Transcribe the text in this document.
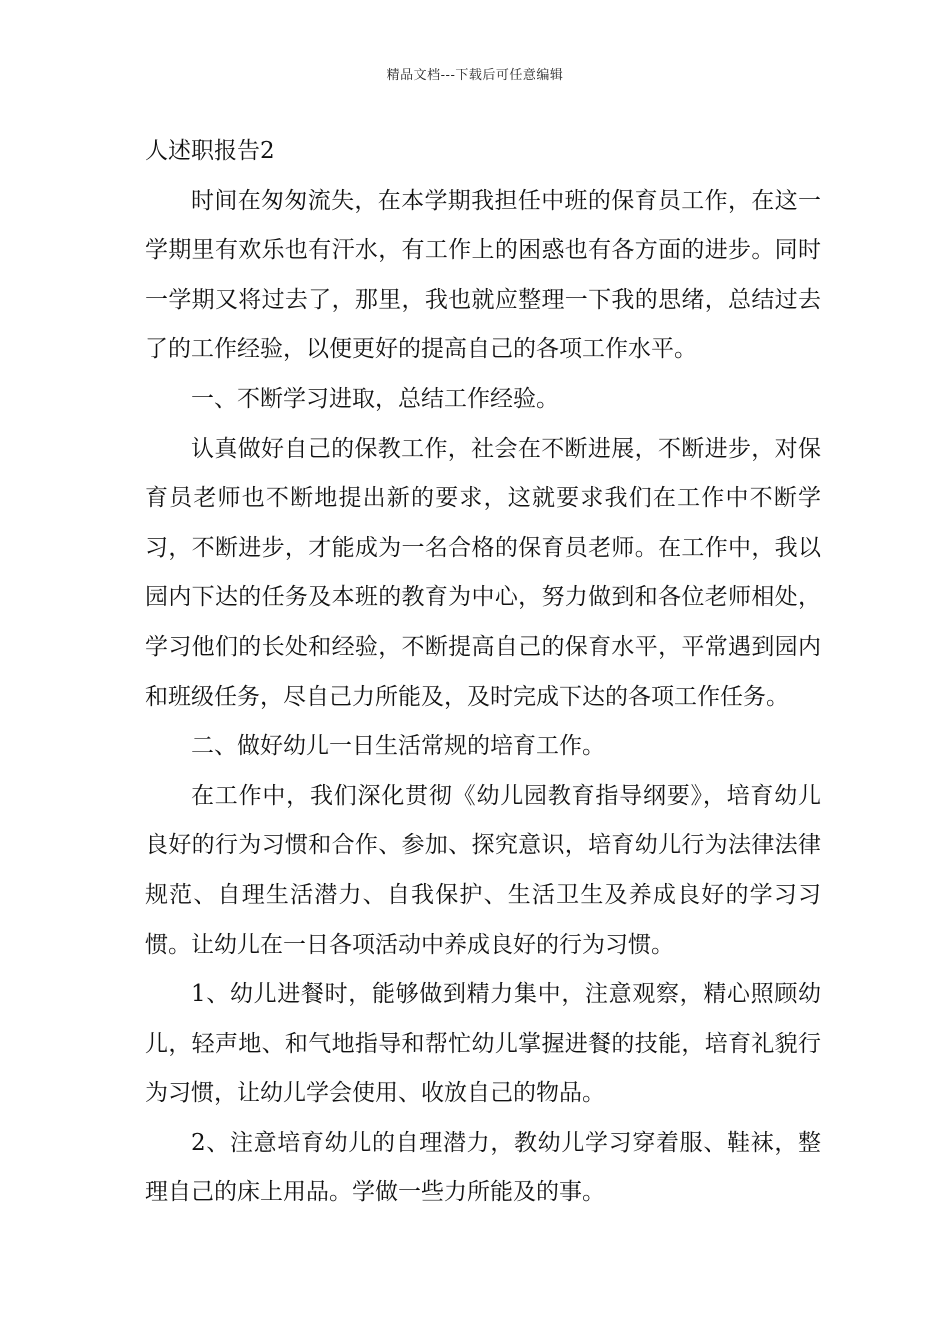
精品文档---下载后可任意编辑

人述职报告2

时间在匆匆流失，在本学期我担任中班的保育员工作，在这一学期里有欢乐也有汗水，有工作上的困惑也有各方面的进步。同时一学期又将过去了，那里，我也就应整理一下我的思绪，总结过去了的工作经验，以便更好的提高自己的各项工作水平。

一、不断学习进取，总结工作经验。

认真做好自己的保教工作，社会在不断进展，不断进步，对保育员老师也不断地提出新的要求，这就要求我们在工作中不断学习，不断进步，才能成为一名合格的保育员老师。在工作中，我以园内下达的任务及本班的教育为中心，努力做到和各位老师相处，学习他们的长处和经验，不断提高自己的保育水平，平常遇到园内和班级任务，尽自己力所能及，及时完成下达的各项工作任务。

二、做好幼儿一日生活常规的培育工作。

在工作中，我们深化贯彻《幼儿园教育指导纲要》，培育幼儿良好的行为习惯和合作、参加、探究意识，培育幼儿行为法律法律规范、自理生活潜力、自我保护、生活卫生及养成良好的学习习惯。让幼儿在一日各项活动中养成良好的行为习惯。

1、幼儿进餐时，能够做到精力集中，注意观察，精心照顾幼儿，轻声地、和气地指导和帮忙幼儿掌握进餐的技能，培育礼貌行为习惯，让幼儿学会使用、收放自己的物品。

2、注意培育幼儿的自理潜力，教幼儿学习穿着服、鞋袜，整理自己的床上用品。学做一些力所能及的事。
